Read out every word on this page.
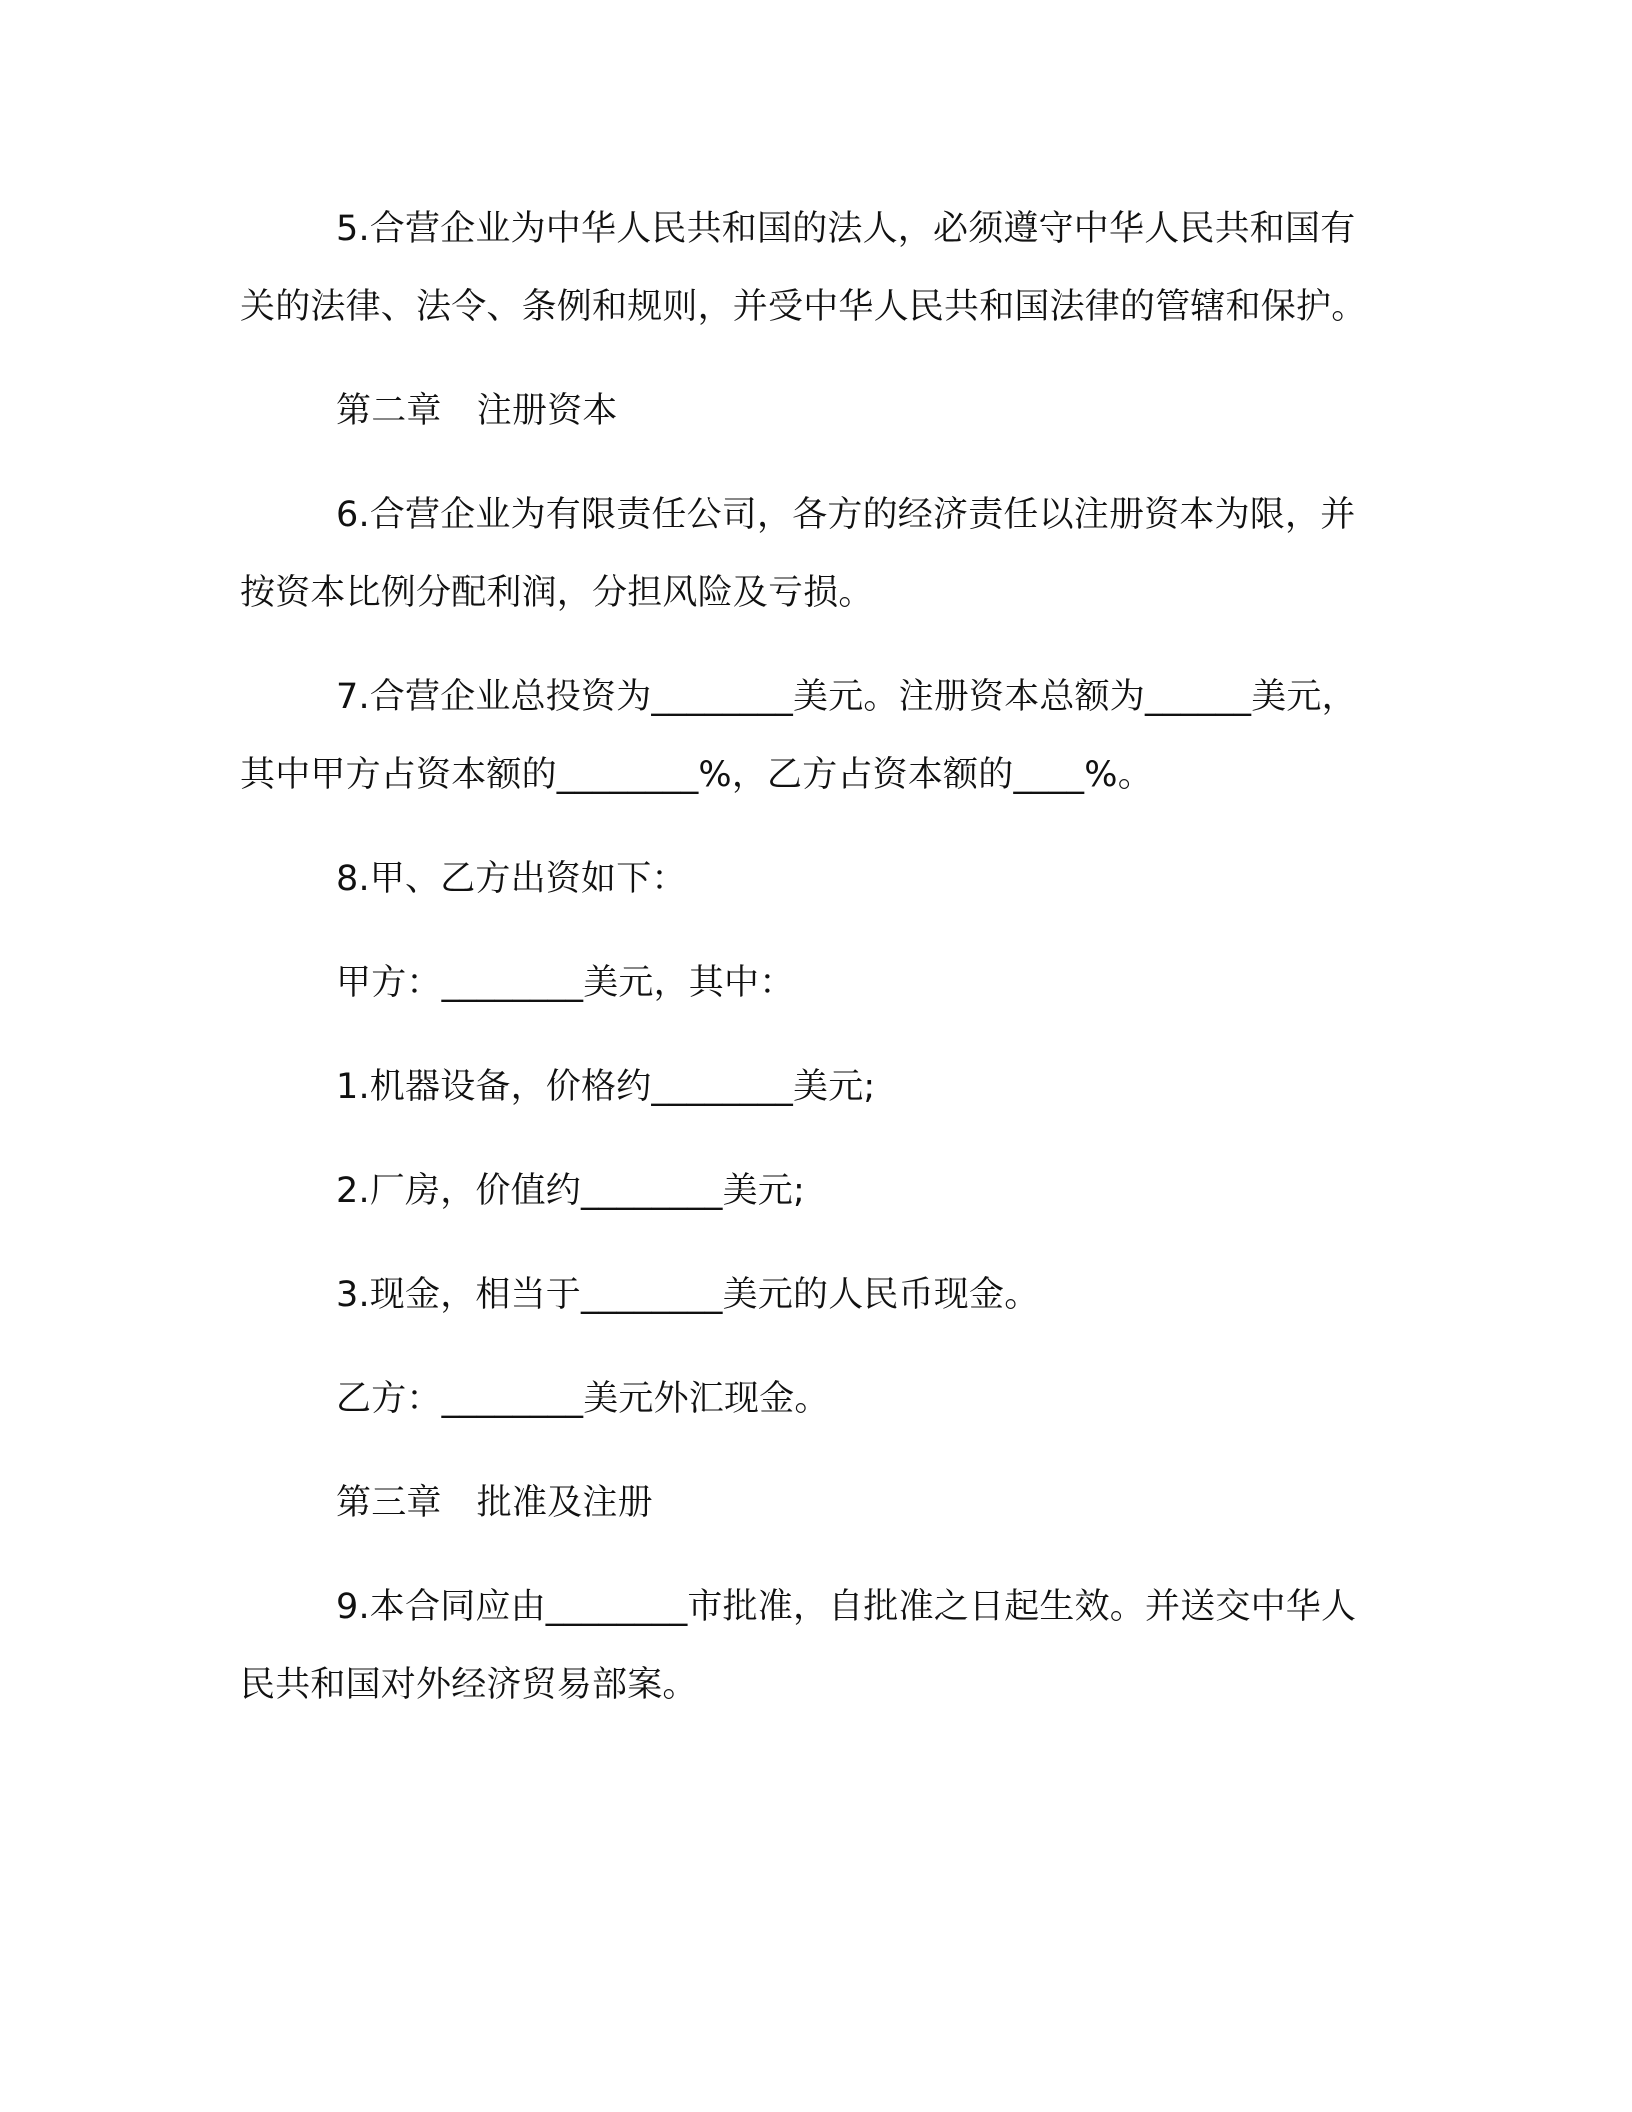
5.合营企业为中华人民共和国的法人，必须遵守中华人民共和国有关的法律、法令、条例和规则，并受中华人民共和国法律的管辖和保护。

第二章　注册资本

6.合营企业为有限责任公司，各方的经济责任以注册资本为限，并按资本比例分配利润，分担风险及亏损。

7.合营企业总投资为________美元。注册资本总额为______美元，其中甲方占资本额的________%，乙方占资本额的____%。

8.甲、乙方出资如下：

甲方：________美元，其中：

1.机器设备，价格约________美元;

2.厂房，价值约________美元;

3.现金，相当于________美元的人民币现金。

乙方：________美元外汇现金。

第三章　批准及注册

9.本合同应由________市批准，自批准之日起生效。并送交中华人民共和国对外经济贸易部案。
